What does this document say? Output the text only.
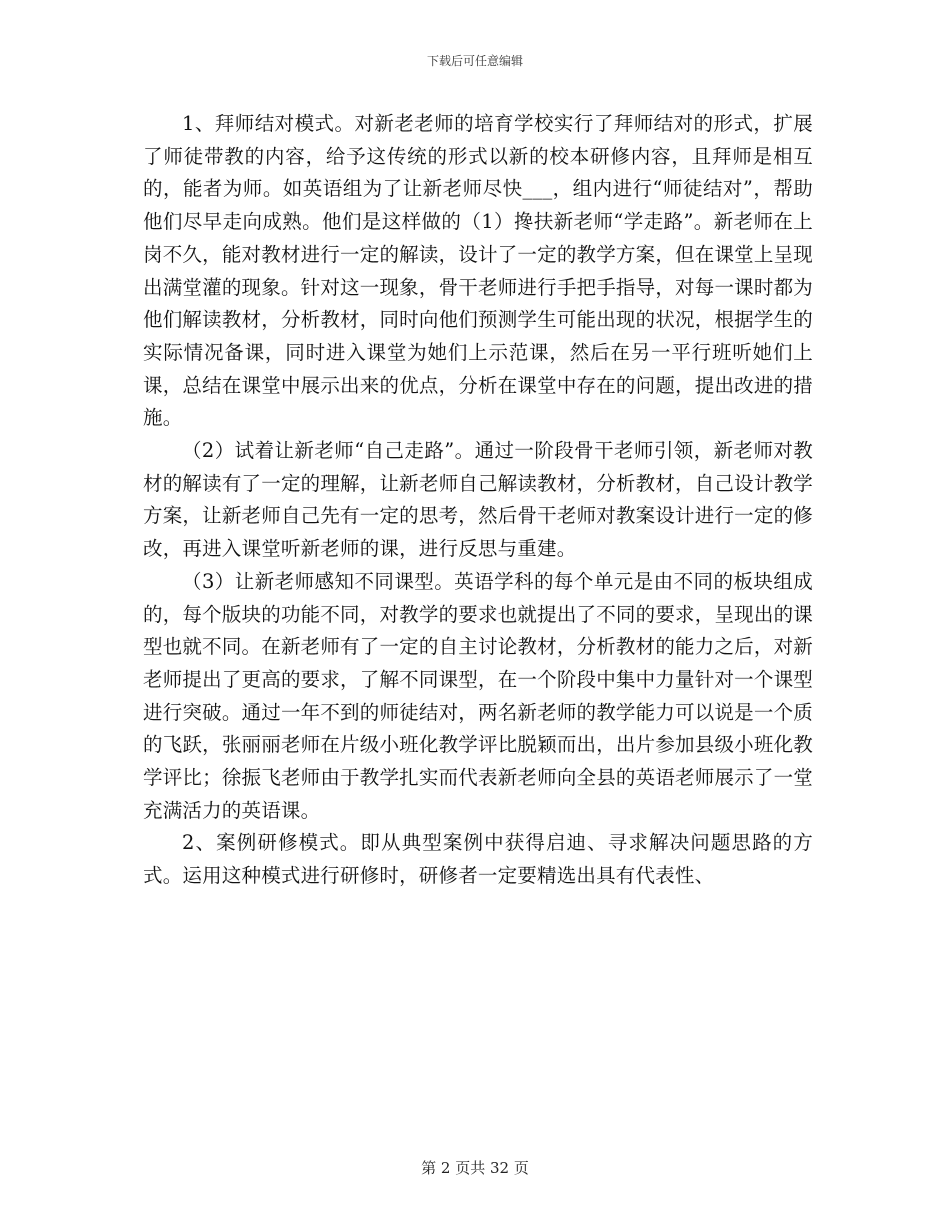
下载后可任意编辑

1、拜师结对模式。对新老老师的培育学校实行了拜师结对的形式，扩展了师徒带教的内容，给予这传统的形式以新的校本研修内容，且拜师是相互的，能者为师。如英语组为了让新老师尽快___，组内进行“师徒结对”，帮助他们尽早走向成熟。他们是这样做的（1）搀扶新老师“学走路”。新老师在上岗不久，能对教材进行一定的解读，设计了一定的教学方案，但在课堂上呈现出满堂灌的现象。针对这一现象，骨干老师进行手把手指导，对每一课时都为他们解读教材，分析教材，同时向他们预测学生可能出现的状况，根据学生的实际情况备课，同时进入课堂为她们上示范课，然后在另一平行班听她们上课，总结在课堂中展示出来的优点，分析在课堂中存在的问题，提出改进的措施。

（2）试着让新老师“自己走路”。通过一阶段骨干老师引领，新老师对教材的解读有了一定的理解，让新老师自己解读教材，分析教材，自己设计教学方案，让新老师自己先有一定的思考，然后骨干老师对教案设计进行一定的修改，再进入课堂听新老师的课，进行反思与重建。

（3）让新老师感知不同课型。英语学科的每个单元是由不同的板块组成的，每个版块的功能不同，对教学的要求也就提出了不同的要求，呈现出的课型也就不同。在新老师有了一定的自主讨论教材，分析教材的能力之后，对新老师提出了更高的要求，了解不同课型，在一个阶段中集中力量针对一个课型进行突破。通过一年不到的师徒结对，两名新老师的教学能力可以说是一个质的飞跃，张丽丽老师在片级小班化教学评比脱颖而出，出片参加县级小班化教学评比；徐振飞老师由于教学扎实而代表新老师向全县的英语老师展示了一堂充满活力的英语课。

2、案例研修模式。即从典型案例中获得启迪、寻求解决问题思路的方式。运用这种模式进行研修时，研修者一定要精选出具有代表性、

第 2 页共 32 页
